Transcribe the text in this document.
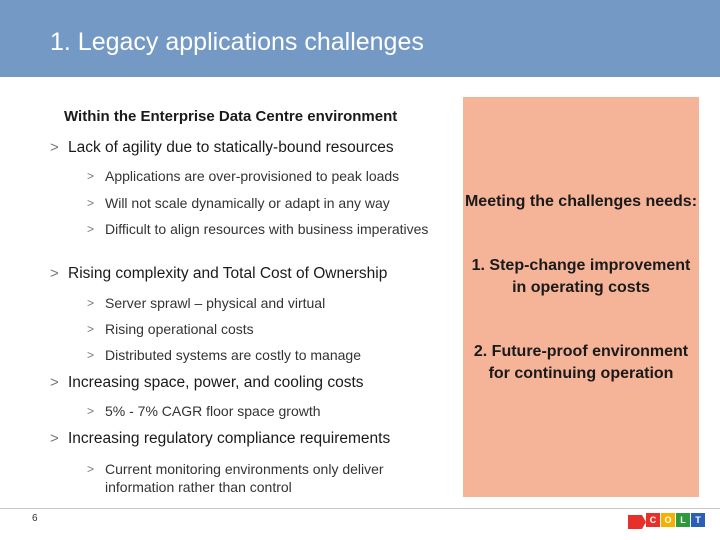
1. Legacy applications challenges
Within the Enterprise Data Centre environment
> Lack of agility due to statically-bound resources
> Applications are over-provisioned to peak loads
> Will not scale dynamically or adapt in any way
> Difficult to align resources with business imperatives
> Rising complexity and Total Cost of Ownership
> Server sprawl – physical and virtual
> Rising operational costs
> Distributed systems are costly to manage
> Increasing space, power, and cooling costs
> 5% - 7% CAGR floor space growth
> Increasing regulatory compliance requirements
> Current monitoring environments only deliver information rather than control

Meeting the challenges needs:

1. Step-change improvement in operating costs

2. Future-proof environment for continuing operation

6	C O L	T
